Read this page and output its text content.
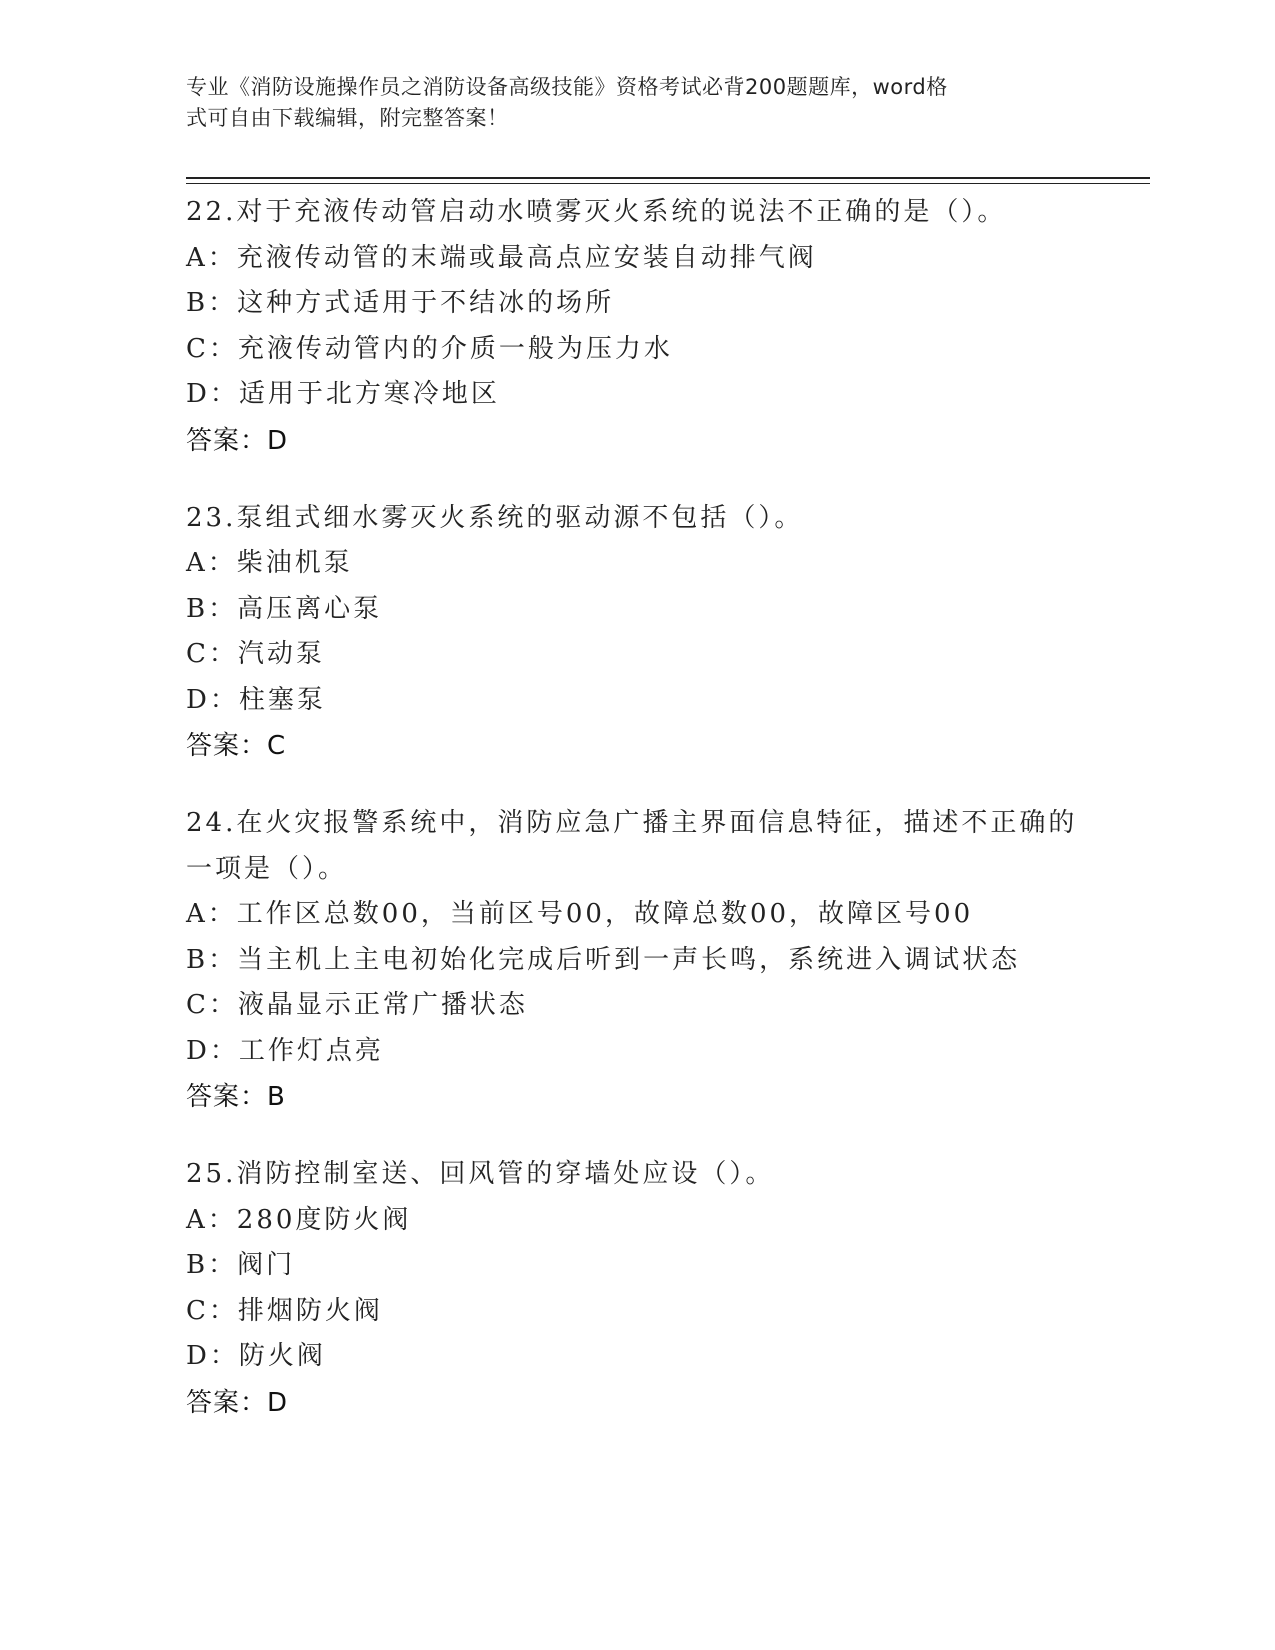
专业《消防设施操作员之消防设备高级技能》资格考试必背200题题库，word格
式可自由下载编辑，附完整答案！
22.对于充液传动管启动水喷雾灭火系统的说法不正确的是（）。
A：充液传动管的末端或最高点应安装自动排气阀
B：这种方式适用于不结冰的场所
C：充液传动管内的介质一般为压力水
D：适用于北方寒冷地区
答案：D
23.泵组式细水雾灭火系统的驱动源不包括（）。
A：柴油机泵
B：高压离心泵
C：汽动泵
D：柱塞泵
答案：C
24.在火灾报警系统中，消防应急广播主界面信息特征，描述不正确的一项是（）。
A：工作区总数00，当前区号00，故障总数00，故障区号00
B：当主机上主电初始化完成后听到一声长鸣，系统进入调试状态
C：液晶显示正常广播状态
D：工作灯点亮
答案：B
25.消防控制室送、回风管的穿墙处应设（）。
A：280度防火阀
B：阀门
C：排烟防火阀
D：防火阀
答案：D
